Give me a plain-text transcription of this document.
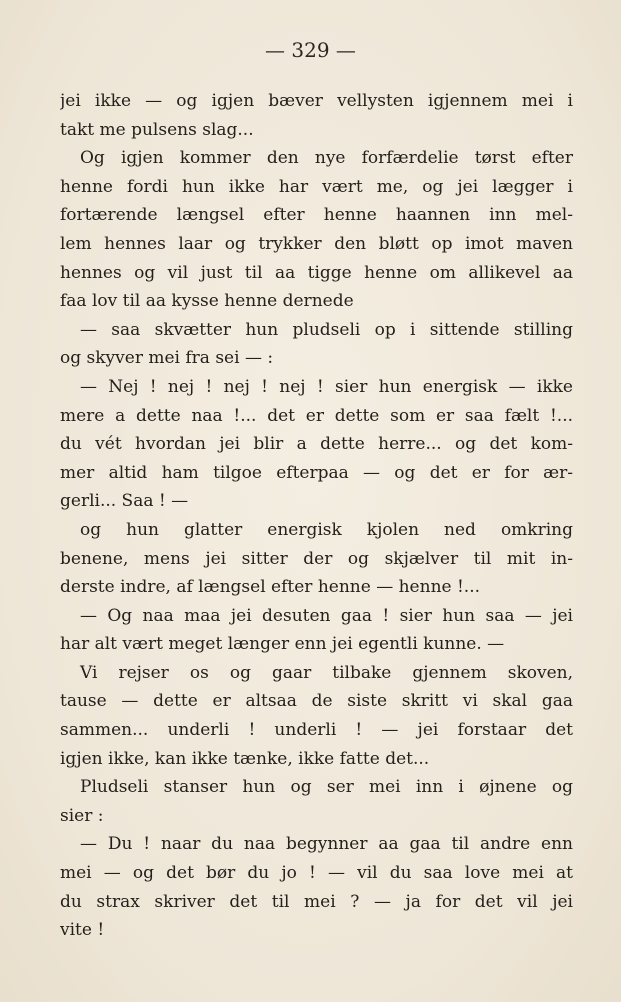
— 329 —
jei ikke — og igjen bæver vellysten igjennem mei i
takt me pulsens slag...
Og igjen kommer den nye forfærdelie tørst efter
henne fordi hun ikke har vært me, og jei lægger i
fortærende længsel efter henne haannen inn mel-
lem hennes laar og trykker den bløtt op imot maven
hennes og vil just til aa tigge henne om allikevel aa
faa lov til aa kysse henne dernede
— saa skvætter hun pludseli op i sittende stilling
og skyver mei fra sei — :
— Nej ! nej ! nej ! nej ! sier hun energisk — ikke
mere a dette naa !... det er dette som er saa fælt !...
du vét hvordan jei blir a dette herre... og det kom-
mer altid ham tilgoe efterpaa — og det er for ær-
gerli... Saa ! —
og hun glatter energisk kjolen ned omkring
benene, mens jei sitter der og skjælver til mit in-
derste indre, af længsel efter henne — henne !...
— Og naa maa jei desuten gaa ! sier hun saa — jei
har alt vært meget længer enn jei egentli kunne. —
Vi rejser os og gaar tilbake gjennem skoven,
tause — dette er altsaa de siste skritt vi skal gaa
sammen... underli ! underli ! — jei forstaar det
igjen ikke, kan ikke tænke, ikke fatte det...
Pludseli stanser hun og ser mei inn i øjnene og
sier :
— Du ! naar du naa begynner aa gaa til andre enn
mei — og det bør du jo ! — vil du saa love mei at
du strax skriver det til mei ? — ja for det vil jei
vite !
